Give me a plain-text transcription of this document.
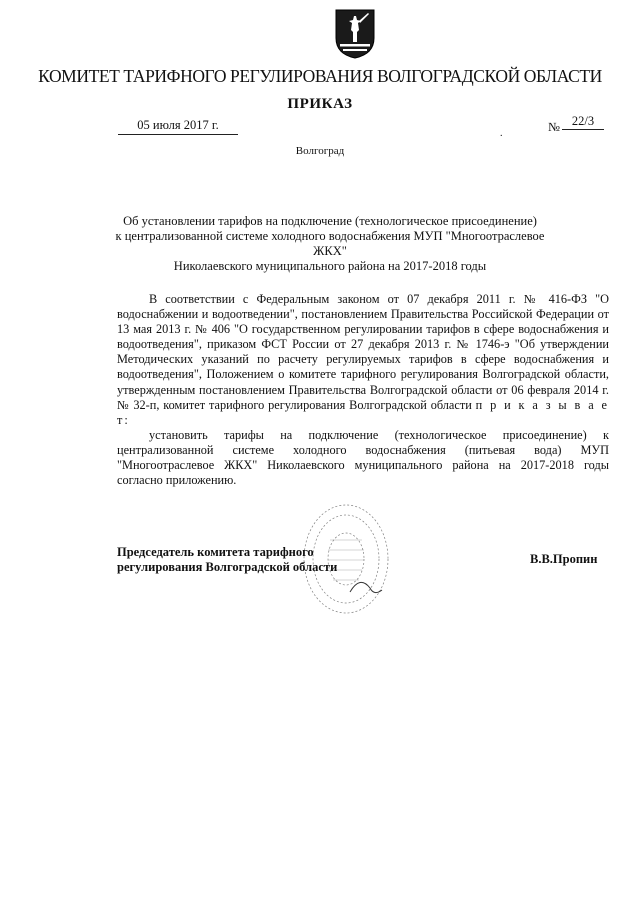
КОМИТЕТ ТАРИФНОГО РЕГУЛИРОВАНИЯ ВОЛГОГРАДСКОЙ ОБЛАСТИ
ПРИКАЗ
05 июля 2017 г.
.	№ 22/3
Волгоград
Об установлении тарифов на подключение (технологическое присоединение)
к централизованной системе холодного водоснабжения МУП "Многоотраслевое ЖКХ"
Николаевского муниципального района на 2017-2018 годы

В соответствии с Федеральным законом от 07 декабря 2011 г. № 416-ФЗ "О водоснабжении и водоотведении", постановлением Правительства Российской Федерации от 13 мая 2013 г. № 406 "О государственном регулировании тарифов в сфере водоснабжения и водоотведения", приказом ФСТ России от 27 декабря 2013 г. № 1746-э "Об утверждении Методических указаний по расчету регулируемых тарифов в сфере водоснабжения и водоотведения", Положением о комитете тарифного регулирования Волгоградской области, утвержденным постановлением Правительства Волгоградской области от 06 февраля 2014 г. № 32-п, комитет тарифного регулирования Волгоградской области п р и к а з ы в а е т:

установить тарифы на подключение (технологическое присоединение) к централизованной системе холодного водоснабжения (питьевая вода) МУП "Многоотраслевое ЖКХ" Николаевского муниципального района на 2017-2018 годы согласно приложению.

Председатель комитета тарифного
регулирования Волгоградской области
В.В.Пропин
